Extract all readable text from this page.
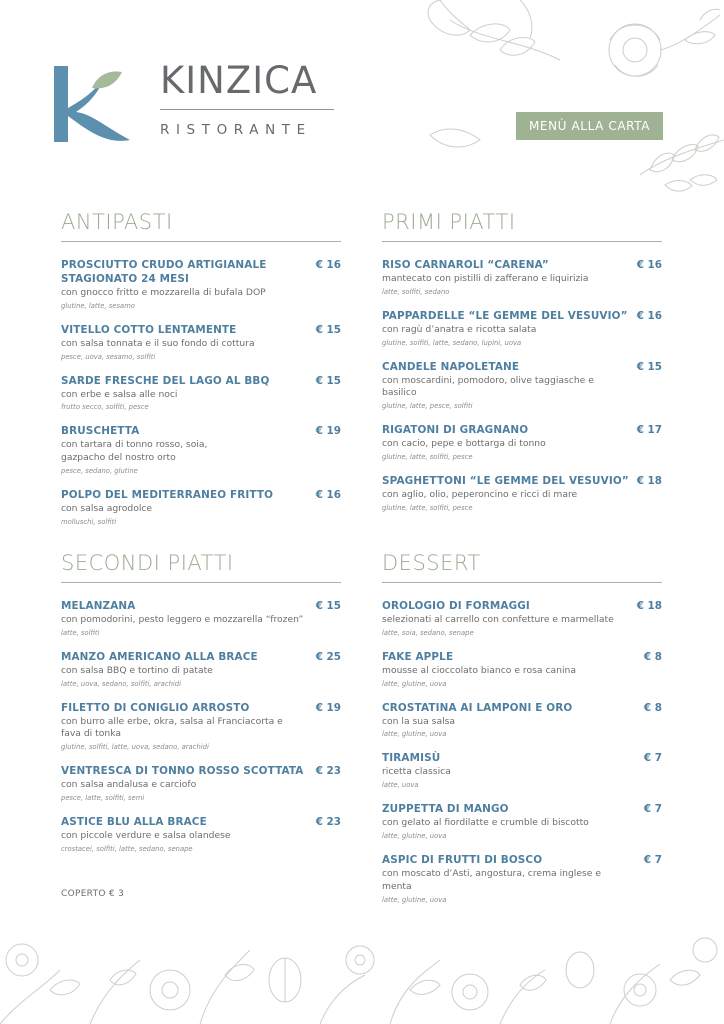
KINZICA
RISTORANTE	MENÙ ALLA CARTA
ANTIPASTI
PROSCIUTTO CRUDO ARTIGIANALE STAGIONATO 24 MESI
€ 16
con gnocco fritto e mozzarella di bufala DOP
glutine, latte, sesamo
VITELLO COTTO LENTAMENTE	€ 15
con salsa tonnata e il suo fondo di cottura
pesce, uova, sesamo, solfiti
SARDE FRESCHE DEL LAGO AL BBQ	€ 15
con erbe e salsa alle noci
frutto secco, solfiti, pesce
BRUSCHETTA	€ 19
con tartara di tonno rosso, soia, gazpacho del nostro orto
pesce, sedano, glutine
POLPO DEL MEDITERRANEO FRITTO	€ 16
con salsa agrodolce
molluschi, solfiti
PRIMI PIATTI
RISO CARNAROLI “CARENA”	€ 16
mantecato con pistilli di zafferano e liquirizia
latte, solfiti, sedano
PAPPARDELLE “LE GEMME DEL VESUVIO” € 16
con ragù d’anatra e ricotta salata
glutine, solfiti, latte, sedano, lupini, uova
CANDELE NAPOLETANE	€ 15
con moscardini, pomodoro, olive taggiasche e basilico
glutine, latte, pesce, solfiti
RIGATONI DI GRAGNANO	€ 17
con cacio, pepe e bottarga di tonno
glutine, latte, solfiti, pesce
SPAGHETTONI “LE GEMME DEL VESUVIO” € 18
con aglio, olio, peperoncino e ricci di mare
glutine, latte, solfiti, pesce
SECONDI PIATTI
MELANZANA	€ 15
con pomodorini, pesto leggero e mozzarella “frozen”
latte, solfiti
MANZO AMERICANO ALLA BRACE	€ 25
con salsa BBQ e tortino di patate
latte, uova, sedano, solfiti, arachidi
FILETTO DI CONIGLIO ARROSTO	€ 19
con burro alle erbe, okra, salsa al Franciacorta e fava di tonka
glutine, solfiti, latte, uova, sedano, arachidi
VENTRESCA DI TONNO ROSSO SCOTTATA	€ 23
con salsa andalusa e carciofo
pesce, latte, solfiti, semi
ASTICE BLU ALLA BRACE	€ 23
con piccole verdure e salsa olandese
crostacei, solfiti, latte, sedano, senape
DESSERT
OROLOGIO DI FORMAGGI	€ 18
selezionati al carrello con confetture e marmellate
latte, soia, sedano, senape
FAKE APPLE	€ 8
mousse al cioccolato bianco e rosa canina
latte, glutine, uova
CROSTATINA AI LAMPONI E ORO	€ 8
con la sua salsa
latte, glutine, uova
TIRAMISÙ	€ 7
ricetta classica
latte, uova
ZUPPETTA DI MANGO	€ 7
con gelato al fiordilatte e crumble di biscotto
latte, glutine, uova
ASPIC DI FRUTTI DI BOSCO	€ 7
con moscato d’Asti, angostura, crema inglese e menta
latte, glutine, uova
COPERTO € 3
